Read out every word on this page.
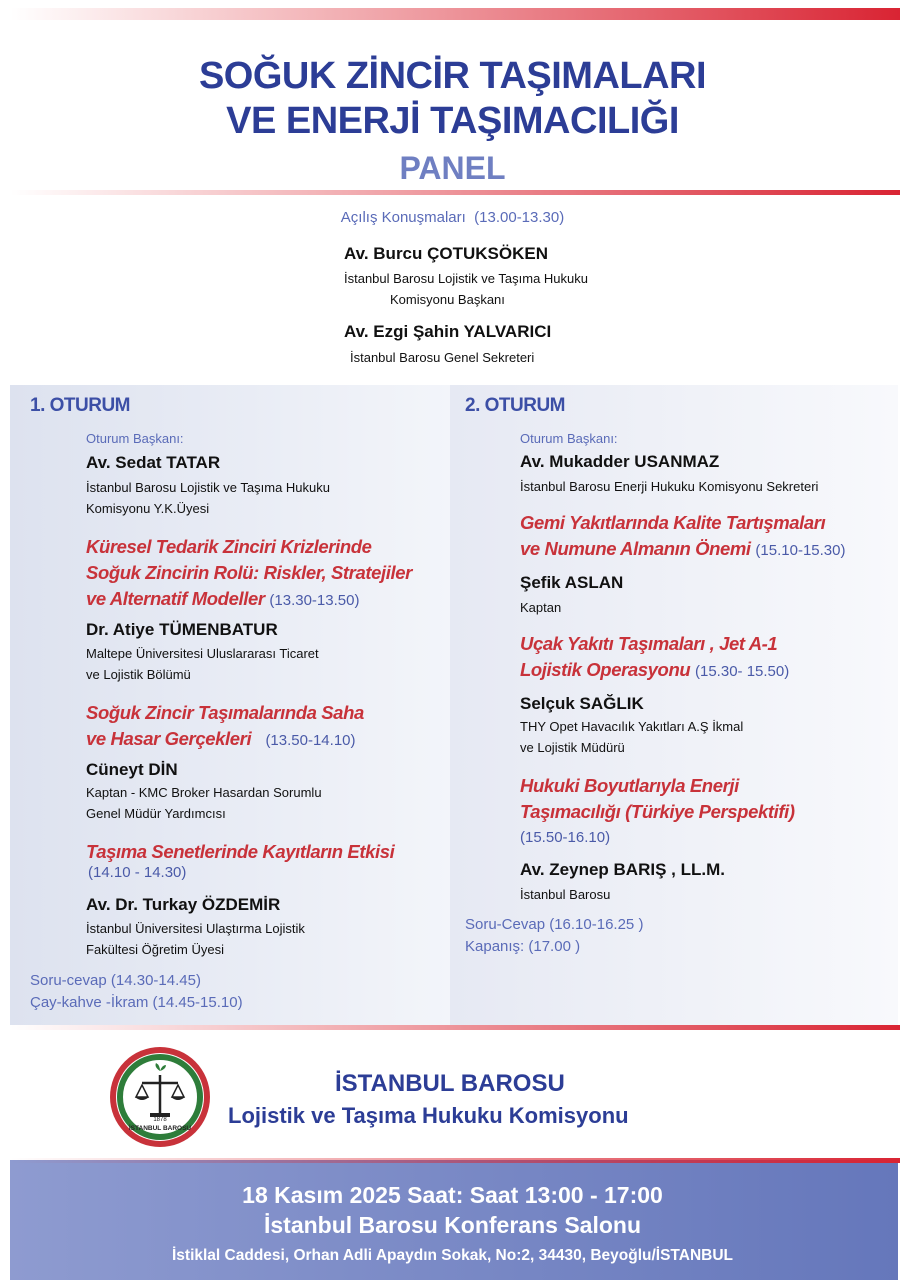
SOĞUK ZİNCİR TAŞIMALARI
VE ENERJİ TAŞIMACILIĞI
PANEL
Açılış Konuşmaları (13.00-13.30)
Av. Burcu ÇOTUKSÖKEN
İstanbul Barosu Lojistik ve Taşıma Hukuku
Komisyonu Başkanı
Av. Ezgi Şahin YALVARICI
İstanbul Barosu Genel Sekreteri
1. OTURUM
Oturum Başkanı:
Av. Sedat TATAR
İstanbul Barosu Lojistik ve Taşıma Hukuku
Komisyonu Y.K.Üyesi
Küresel Tedarik Zinciri Krizlerinde
Soğuk Zincirin Rolü: Riskler, Stratejiler
ve Alternatif Modeller (13.30-13.50)
Dr. Atiye TÜMENBATUR
Maltepe Üniversitesi Uluslararası Ticaret
ve Lojistik Bölümü
Soğuk Zincir Taşımalarında Saha
ve Hasar Gerçekleri (13.50-14.10)
Cüneyt DİN
Kaptan - KMC Broker Hasardan Sorumlu
Genel Müdür Yardımcısı
Taşıma Senetlerinde Kayıtların Etkisi
(14.10 - 14.30)
Av. Dr. Turkay ÖZDEMİR
İstanbul Üniversitesi Ulaştırma Lojistik
Fakültesi Öğretim Üyesi
Soru-cevap (14.30-14.45)
Çay-kahve -İkram (14.45-15.10)
2. OTURUM
Oturum Başkanı:
Av. Mukadder USANMAZ
İstanbul Barosu Enerji Hukuku Komisyonu Sekreteri
Gemi Yakıtlarında Kalite Tartışmaları
ve Numune Almanın Önemi (15.10-15.30)
Şefik ASLAN
Kaptan
Uçak Yakıtı Taşımaları , Jet A-1
Lojistik Operasyonu (15.30- 15.50)
Selçuk SAĞLIK
THY Opet Havacılık Yakıtları A.Ş İkmal
ve Lojistik Müdürü
Hukuki Boyutlarıyla Enerji
Taşımacılığı (Türkiye Perspektifi)
(15.50-16.10)
Av. Zeynep BARIŞ , LL.M.
İstanbul Barosu
Soru-Cevap (16.10-16.25 )
Kapanış: (17.00 )
1878
İSTANBUL BAROSU
İSTANBUL BAROSU
Lojistik ve Taşıma Hukuku Komisyonu
18 Kasım 2025 Saat: Saat 13:00 - 17:00
İstanbul Barosu Konferans Salonu
İstiklal Caddesi, Orhan Adli Apaydın Sokak, No:2, 34430, Beyoğlu/İSTANBUL
